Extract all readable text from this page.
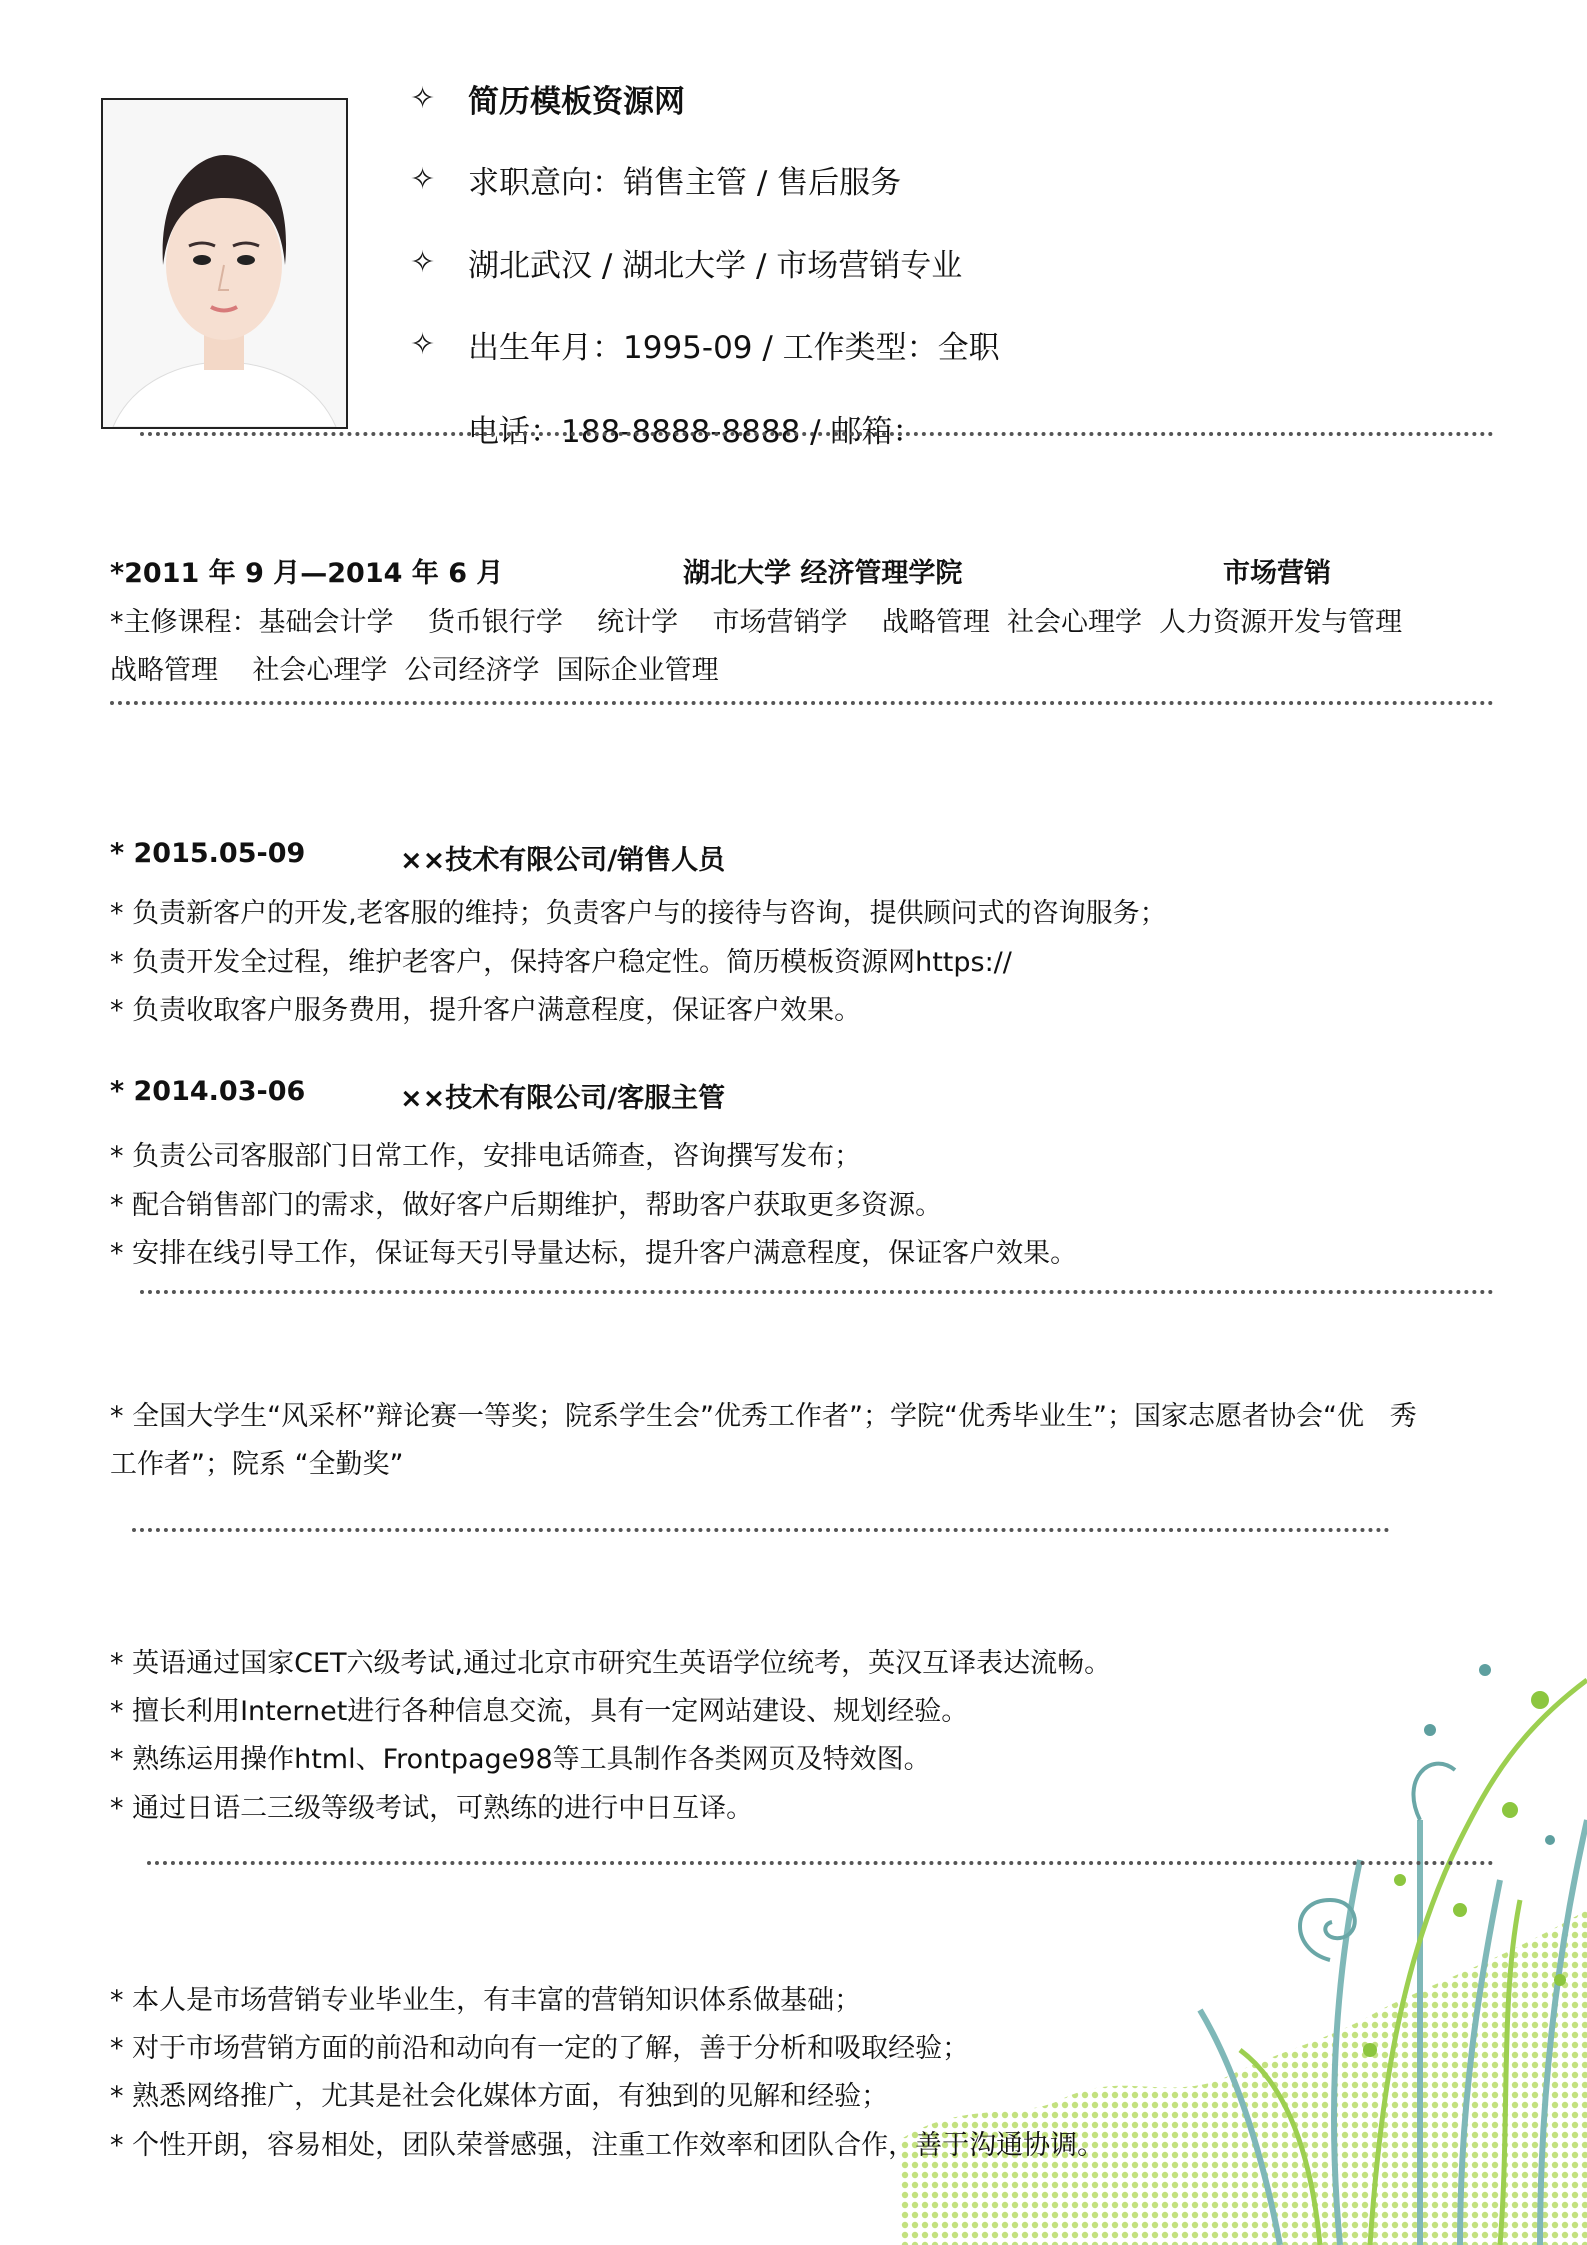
✧	简历模板资源网
✧	求职意向：销售主管 / 售后服务
✧	湖北武汉 / 湖北大学 / 市场营销专业
✧	出生年月：1995-09 / 工作类型：全职
电话：188-8888-8888 / 邮箱：
*2011 年 9 月—2014 年 6 月	湖北大学 经济管理学院	市场营销
*主修课程：基础会计学    货币银行学    统计学    市场营销学    战略管理  社会心理学  人力资源开发与管理
战略管理    社会心理学  公司经济学  国际企业管理
* 2015.05-09	××技术有限公司/销售人员
* 负责新客户的开发,老客服的维持；负责客户与的接待与咨询，提供顾问式的咨询服务；
* 负责开发全过程，维护老客户，保持客户稳定性。简历模板资源网https://
* 负责收取客户服务费用，提升客户满意程度，保证客户效果。
* 2014.03-06	××技术有限公司/客服主管
* 负责公司客服部门日常工作，安排电话筛查，咨询撰写发布；
* 配合销售部门的需求，做好客户后期维护，帮助客户获取更多资源。
* 安排在线引导工作，保证每天引导量达标，提升客户满意程度，保证客户效果。
* 全国大学生“风采杯”辩论赛一等奖；院系学生会”优秀工作者”；学院“优秀毕业生”；国家志愿者协会“优   秀
工作者”；院系 “全勤奖”
* 英语通过国家CET六级考试,通过北京市研究生英语学位统考，英汉互译表达流畅。
* 擅长利用Internet进行各种信息交流，具有一定网站建设、规划经验。
* 熟练运用操作html、Frontpage98等工具制作各类网页及特效图。
* 通过日语二三级等级考试，可熟练的进行中日互译。
* 本人是市场营销专业毕业生，有丰富的营销知识体系做基础；
* 对于市场营销方面的前沿和动向有一定的了解，善于分析和吸取经验；
* 熟悉网络推广，尤其是社会化媒体方面，有独到的见解和经验；
* 个性开朗，容易相处，团队荣誉感强，注重工作效率和团队合作，善于沟通协调。
